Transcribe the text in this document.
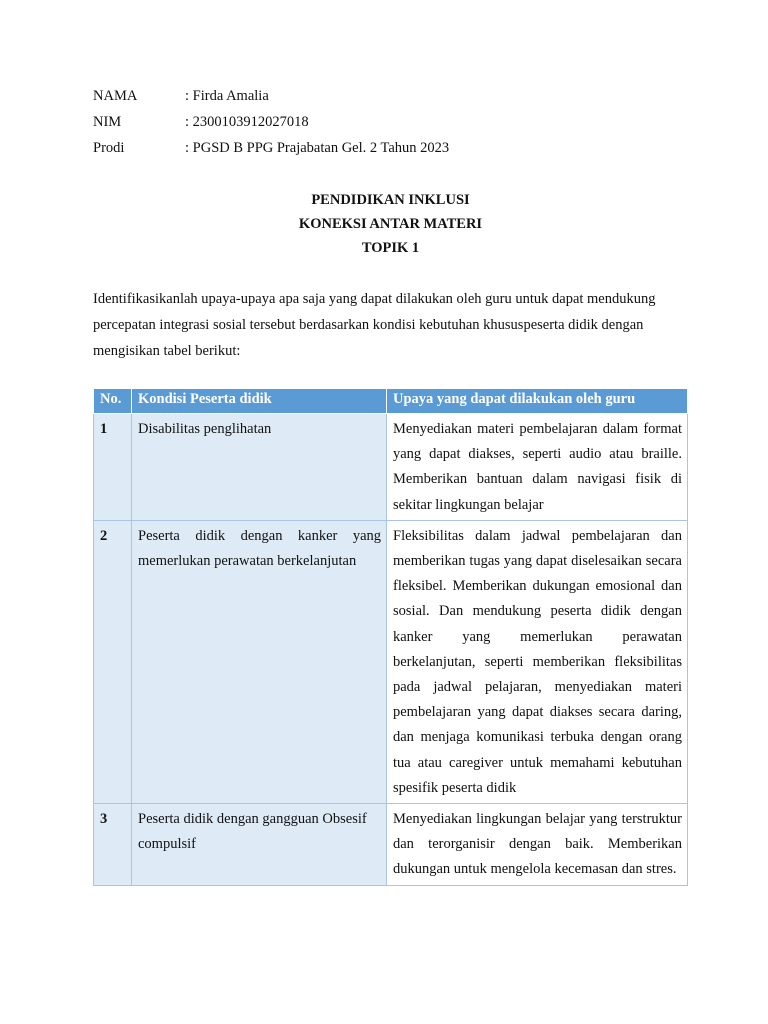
NAMA	: Firda Amalia
NIM	: 2300103912027018
Prodi	: PGSD B PPG Prajabatan Gel. 2 Tahun 2023
PENDIDIKAN INKLUSI
KONEKSI ANTAR MATERI
TOPIK 1

Identifikasikanlah upaya-upaya apa saja yang dapat dilakukan oleh guru untuk dapat mendukung percepatan integrasi sosial tersebut berdasarkan kondisi kebutuhan khususpeserta didik dengan mengisikan tabel berikut:

No.	Kondisi Peserta didik	Upaya yang dapat dilakukan oleh guru
1	Disabilitas penglihatan	Menyediakan materi pembelajaran dalam format yang dapat diakses, seperti audio atau braille. Memberikan bantuan dalam navigasi fisik di sekitar lingkungan belajar
2	Peserta didik dengan kanker yang memerlukan perawatan berkelanjutan	Fleksibilitas dalam jadwal pembelajaran dan memberikan tugas yang dapat diselesaikan secara fleksibel. Memberikan dukungan emosional dan sosial. Dan mendukung peserta didik dengan kanker yang memerlukan perawatan berkelanjutan, seperti memberikan fleksibilitas pada jadwal pelajaran, menyediakan materi pembelajaran yang dapat diakses secara daring, dan menjaga komunikasi terbuka dengan orang tua atau caregiver untuk memahami kebutuhan spesifik peserta didik
3	Peserta didik dengan gangguan Obsesif compulsif	Menyediakan lingkungan belajar yang terstruktur dan terorganisir dengan baik. Memberikan dukungan untuk mengelola kecemasan dan stres.
